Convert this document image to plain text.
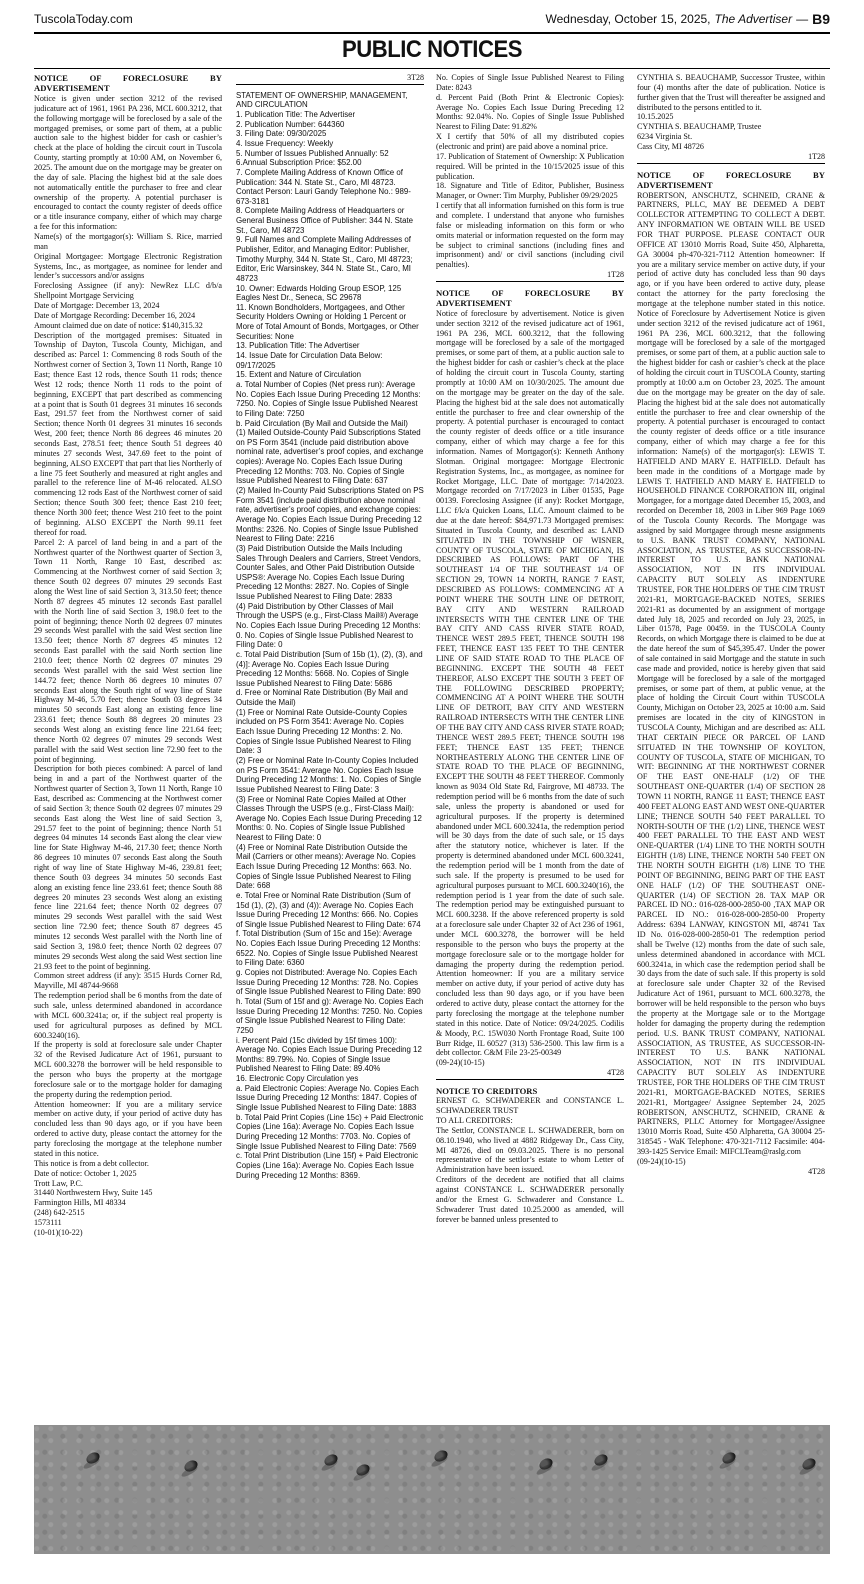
TuscolaToday.com	Wednesday, October 15, 2025, The Advertiser — B9
PUBLIC NOTICES

NOTICE OF FORECLOSURE BY ADVERTISEMENT

Notice is given under section 3212 of the revised judicature act of 1961, 1961 PA 236, MCL 600.3212, that the following mortgage will be foreclosed by a sale of the mortgaged premises, or some part of them, at a public auction sale to the highest bidder for cash or cashier’s check at the place of holding the circuit court in Tuscola County, starting promptly at 10:00 AM, on November 6, 2025. The amount due on the mortgage may be greater on the day of sale. Placing the highest bid at the sale does not automatically entitle the purchaser to free and clear ownership of the property. A potential purchaser is encouraged to contact the county register of deeds office or a title insurance company, either of which may charge a fee for this information:

Name(s) of the mortgagor(s): William S. Rice, married man

Original Mortgagee: Mortgage Electronic Registration Systems, Inc., as mortgagee, as nominee for lender and lender’s successors and/or assigns

Foreclosing Assignee (if any): NewRez LLC d/b/a Shellpoint Mortgage Servicing

Date of Mortgage: December 13, 2024

Date of Mortgage Recording: December 16, 2024

Amount claimed due on date of notice: $140,315.32

Description of the mortgaged premises: Situated in Township of Dayton, Tuscola County, Michigan, and described as: Parcel 1: Commencing 8 rods South of the Northwest corner of Section 3, Town 11 North, Range 10 East; thence East 12 rods, thence South 11 rods; thence West 12 rods; thence North 11 rods to the point of beginning, EXCEPT that part described as commencing at a point that is South 01 degrees 31 minutes 16 seconds East, 291.57 feet from the Northwest corner of said Section; thence North 01 degrees 31 minutes 16 seconds West, 200 feet; thence North 86 degrees 46 minutes 20 seconds East, 278.51 feet; thence South 51 degrees 40 minutes 27 seconds West, 347.69 feet to the point of beginning, ALSO EXCEPT that part that lies Northerly of a line 75 feet Southerly and measured at right angles and parallel to the reference line of M-46 relocated. ALSO commencing 12 rods East of the Northwest corner of said Section; thence South 300 feet; thence East 210 feet; thence North 300 feet; thence West 210 feet to the point of beginning. ALSO EXCEPT the North 99.11 feet thereof for road.

Parcel 2: A parcel of land being in and a part of the Northwest quarter of the Northwest quarter of Section 3, Town 11 North, Range 10 East, described as: Commencing at the Northwest corner of said Section 3; thence South 02 degrees 07 minutes 29 seconds East along the West line of said Section 3, 313.50 feet; thence North 87 degrees 45 minutes 12 seconds East parallel with the North line of said Section 3, 198.0 feet to the point of beginning; thence North 02 degrees 07 minutes 29 seconds West parallel with the said West section line 13.50 feet; thence North 87 degrees 45 minutes 12 seconds East parallel with the said North section line 210.0 feet; thence North 02 degrees 07 minutes 29 seconds West parallel with the said West section line 144.72 feet; thence North 86 degrees 10 minutes 07 seconds East along the South right of way line of State Highway M-46, 5.70 feet; thence South 03 degrees 34 minutes 50 seconds East along an existing fence line 233.61 feet; thence South 88 degrees 20 minutes 23 seconds West along an existing fence line 221.64 feet; thence North 02 degrees 07 minutes 29 seconds West parallel with the said West section line 72.90 feet to the point of beginning.

Description for both pieces combined: A parcel of land being in and a part of the Northwest quarter of the Northwest quarter of Section 3, Town 11 North, Range 10 East, described as: Commencing at the Northwest corner of said Section 3; thence South 02 degrees 07 minutes 29 seconds East along the West line of said Section 3, 291.57 feet to the point of beginning; thence North 51 degrees 04 minutes 14 seconds East along the clear view line for State Highway M-46, 217.30 feet; thence North 86 degrees 10 minutes 07 seconds East along the South right of way line of State Highway M-46, 239.81 feet; thence South 03 degrees 34 minutes 50 seconds East along an existing fence line 233.61 feet; thence South 88 degrees 20 minutes 23 seconds West along an existing fence line 221.64 feet; thence North 02 degrees 07 minutes 29 seconds West parallel with the said West section line 72.90 feet; thence South 87 degrees 45 minutes 12 seconds West parallel with the North line of said Section 3, 198.0 feet; thence North 02 degrees 07 minutes 29 seconds West along the said West section line 21.93 feet to the point of beginning.

Common street address (if any): 3515 Hurds Corner Rd, Mayville, MI 48744-9668

The redemption period shall be 6 months from the date of such sale, unless determined abandoned in accordance with MCL 600.3241a; or, if the subject real property is used for agricultural purposes as defined by MCL 600.3240(16).

If the property is sold at foreclosure sale under Chapter 32 of the Revised Judicature Act of 1961, pursuant to MCL 600.3278 the borrower will be held responsible to the person who buys the property at the mortgage foreclosure sale or to the mortgage holder for damaging the property during the redemption period.

Attention homeowner: If you are a military service member on active duty, if your period of active duty has concluded less than 90 days ago, or if you have been ordered to active duty, please contact the attorney for the party foreclosing the mortgage at the telephone number stated in this notice.

This notice is from a debt collector.

Date of notice: October 1, 2025

Trott Law, P.C.

31440 Northwestern Hwy, Suite 145

Farmington Hills, MI 48334

(248) 642-2515

1573111

(10-01)(10-22)

3T28

STATEMENT OF OWNERSHIP, MANAGEMENT, AND CIRCULATION

1. Publication Title: The Advertiser

2. Publication Number: 644360

3. Filing Date: 09/30/2025

4. Issue Frequency: Weekly

5. Number of Issues Published Annually: 52

6.Annual Subscription Price: $52.00

7. Complete Mailing Address of Known Office of Publication: 344 N. State St., Caro, MI 48723. Contact Person: Lauri Gandy Telephone No.: 989-673-3181

8. Complete Mailing Address of Headquarters or General Business Office of Publisher: 344 N. State St., Caro, MI 48723

9. Full Names and Complete Mailing Addresses of Publisher, Editor, and Managing Editor: Publisher, Timothy Murphy, 344 N. State St., Caro, MI 48723; Editor, Eric Warsinskey, 344 N. State St., Caro, MI 48723

10. Owner: Edwards Holding Group ESOP, 125 Eagles Nest Dr., Seneca, SC 29678

11. Known Bondholders, Mortgagees, and Other Security Holders Owning or Holding 1 Percent or More of Total Amount of Bonds, Mortgages, or Other Securities: None

13. Publication Title: The Advertiser

14. Issue Date for Circulation Data Below: 09/17/2025

15. Extent and Nature of Circulation

a. Total Number of Copies (Net press run): Average No. Copies Each Issue During Preceding 12 Months: 7250. No. Copies of Single Issue Published Nearest to Filing Date: 7250

b. Paid Circulation (By Mail and Outside the Mail)

(1) Mailed Outside-County Paid Subscriptions Stated on PS Form 3541 (include paid distribution above nominal rate, advertiser’s proof copies, and exchange copies): Average No. Copies Each Issue During Preceding 12 Months: 703. No. Copies of Single Issue Published Nearest to Filing Date: 637

(2) Mailed In-County Paid Subscriptions Stated on PS Form 3541 (include paid distribution above nominal rate, advertiser’s proof copies, and exchange copies: Average No. Copies Each Issue During Preceding 12 Months: 2326. No. Copies of Single Issue Published Nearest to Filing Date: 2216

(3) Paid Distribution Outside the Mails Including Sales Through Dealers and Carriers, Street Vendors, Counter Sales, and Other Paid Distribution Outside USPS®: Average No. Copies Each Issue During Preceding 12 Months: 2827. No. Copies of Single Issue Published Nearest to Filing Date: 2833

(4) Paid Distribution by Other Classes of Mail Through the USPS (e.g., First-Class Mail®) Average No. Copies Each Issue During Preceding 12 Months: 0. No. Copies of Single Issue Published Nearest to Filing Date: 0

c. Total Paid Distribution [Sum of 15b (1), (2), (3), and (4)]: Average No. Copies Each Issue During Preceding 12 Months: 5668. No. Copies of Single Issue Published Nearest to Filing Date: 5686

d. Free or Nominal Rate Distribution (By Mail and Outside the Mail)

(1) Free or Nominal Rate Outside-County Copies included on PS Form 3541: Average No. Copies Each Issue During Preceding 12 Months: 2. No. Copies of Single Issue Published Nearest to Filing Date: 3

(2) Free or Nominal Rate In-County Copies Included on PS Form 3541: Average No. Copies Each Issue During Preceding 12 Months: 1. No. Copies of Single Issue Published Nearest to Filing Date: 3

(3) Free or Nominal Rate Copies Mailed at Other Classes Through the USPS (e.g., First-Class Mail): Average No. Copies Each Issue During Preceding 12 Months: 0. No. Copies of Single Issue Published Nearest to Filing Date: 0

(4) Free or Nominal Rate Distribution Outside the Mail (Carriers or other means): Average No. Copies Each Issue During Preceding 12 Months: 663. No. Copies of Single Issue Published Nearest to Filing Date: 668

e. Total Free or Nominal Rate Distribution (Sum of 15d (1), (2), (3) and (4)): Average No. Copies Each Issue During Preceding 12 Months: 666. No. Copies of Single Issue Published Nearest to Filing Date: 674

f. Total Distribution (Sum of 15c and 15e): Average No. Copies Each Issue During Preceding 12 Months: 6522. No. Copies of Single Issue Published Nearest to Filing Date: 6360

g. Copies not Distributed: Average No. Copies Each Issue During Preceding 12 Months: 728. No. Copies of Single Issue Published Nearest to Filing Date: 890

h. Total (Sum of 15f and g): Average No. Copies Each Issue During Preceding 12 Months: 7250. No. Copies of Single Issue Published Nearest to Filing Date: 7250

i. Percent Paid (15c divided by 15f times 100): Average No. Copies Each Issue During Preceding 12 Months: 89.79%. No. Copies of Single Issue Published Nearest to Filing Date: 89.40%

16. Electronic Copy Circulation yes

a. Paid Electronic Copies: Average No. Copies Each Issue During Preceding 12 Months: 1847. Copies of Single Issue Published Nearest to Filing Date: 1883

b. Total Paid Print Copies (Line 15c) + Paid Electronic Copies (Line 16a): Average No. Copies Each Issue During Preceding 12 Months: 7703. No. Copies of Single Issue Published Nearest to Filing Date: 7569

c. Total Print Distribution (Line 15f) + Paid Electronic Copies (Line 16a): Average No. Copies Each Issue During Preceding 12 Months: 8369.

No. Copies of Single Issue Published Nearest to Filing Date: 8243

d. Percent Paid (Both Print & Electronic Copies): Average No. Copies Each Issue During Preceding 12 Months: 92.04%. No. Copies of Single Issue Published Nearest to Filing Date: 91.82%

X I certify that 50% of all my distributed copies (electronic and print) are paid above a nominal price.

17. Publication of Statement of Ownership: X Publication required. Will be printed in the 10/15/2025 issue of this publication.

18. Signature and Title of Editor, Publisher, Business Manager, or Owner: Tim Murphy, Publisher 09/29/2025

I certify that all information furnished on this form is true and complete. I understand that anyone who furnishes false or misleading information on this form or who omits material or information requested on the form may be subject to criminal sanctions (including fines and imprisonment) and/ or civil sanctions (including civil penalties).

1T28

NOTICE OF FORECLOSURE BY ADVERTISEMENT

Notice of foreclosure by advertisement. Notice is given under section 3212 of the revised judicature act of 1961, 1961 PA 236, MCL 600.3212, that the following mortgage will be foreclosed by a sale of the mortgaged premises, or some part of them, at a public auction sale to the highest bidder for cash or cashier’s check at the place of holding the circuit court in Tuscola County, starting promptly at 10:00 AM on 10/30/2025. The amount due on the mortgage may be greater on the day of the sale. Placing the highest bid at the sale does not automatically entitle the purchaser to free and clear ownership of the property. A potential purchaser is encouraged to contact the county register of deeds office or a title insurance company, either of which may charge a fee for this information. Names of Mortgagor(s): Kenneth Anthony Slotman. Original mortgagee: Mortgage Electronic Registration Systems, Inc., as mortgagee, as nominee for Rocket Mortgage, LLC. Date of mortgage: 7/14/2023. Mortgage recorded on 7/17/2023 in Liber 01535, Page 00139. Foreclosing Assignee (if any): Rocket Mortgage, LLC f/k/a Quicken Loans, LLC. Amount claimed to be due at the date hereof: $84,971.73 Mortgaged premises: Situated in Tuscola County, and described as: LAND SITUATED IN THE TOWNSHIP OF WISNER, COUNTY OF TUSCOLA, STATE OF MICHIGAN, IS DESCRIBED AS FOLLOWS: PART OF THE SOUTHEAST 1/4 OF THE SOUTHEAST 1/4 OF SECTION 29, TOWN 14 NORTH, RANGE 7 EAST, DESCRIBED AS FOLLOWS: COMMENCING AT A POINT WHERE THE SOUTH LINE OF DETROIT, BAY CITY AND WESTERN RAILROAD INTERSECTS WITH THE CENTER LINE OF THE BAY CITY AND CASS RIVER STATE ROAD, THENCE WEST 289.5 FEET, THENCE SOUTH 198 FEET, THENCE EAST 135 FEET TO THE CENTER LINE OF SAID STATE ROAD TO THE PLACE OF BEGINNING. EXCEPT THE SOUTH 48 FEET THEREOF, ALSO EXCEPT THE SOUTH 3 FEET OF THE FOLLOWING DESCRIBED PROPERTY; COMMENCING AT A POINT WHERE THE SOUTH LINE OF DETROIT, BAY CITY AND WESTERN RAILROAD INTERSECTS WITH THE CENTER LINE OF THE BAY CITY AND CASS RIVER STATE ROAD; THENCE WEST 289.5 FEET; THENCE SOUTH 198 FEET; THENCE EAST 135 FEET; THENCE NORTHEASTERLY ALONG THE CENTER LINE OF STATE ROAD TO THE PLACE OF BEGINNING, EXCEPT THE SOUTH 48 FEET THEREOF. Commonly known as 9034 Old State Rd, Fairgrove, MI 48733. The redemption period will be 6 months from the date of such sale, unless the property is abandoned or used for agricultural purposes. If the property is determined abandoned under MCL 600.3241a, the redemption period will be 30 days from the date of such sale, or 15 days after the statutory notice, whichever is later. If the property is determined abandoned under MCL 600.3241, the redemption period will be 1 month from the date of such sale. If the property is presumed to be used for agricultural purposes pursuant to MCL 600.3240(16), the redemption period is 1 year from the date of such sale. The redemption period may be extinguished pursuant to MCL 600.3238. If the above referenced property is sold at a foreclosure sale under Chapter 32 of Act 236 of 1961, under MCL 600.3278, the borrower will be held responsible to the person who buys the property at the mortgage foreclosure sale or to the mortgage holder for damaging the property during the redemption period. Attention homeowner: If you are a military service member on active duty, if your period of active duty has concluded less than 90 days ago, or if you have been ordered to active duty, please contact the attorney for the party foreclosing the mortgage at the telephone number stated in this notice. Date of Notice: 09/24/2025. Codilis & Moody, P.C. 15W030 North Frontage Road, Suite 100 Burr Ridge, IL 60527 (313) 536-2500. This law firm is a debt collector. C&M File 23-25-00349

(09-24)(10-15)

4T28

NOTICE TO CREDITORS

ERNEST G. SCHWADERER and CONSTANCE L. SCHWADERER TRUST

TO ALL CREDITORS:

The Settlor, CONSTANCE L. SCHWADERER, born on 08.10.1940, who lived at 4882 Ridgeway Dr., Cass City, MI 48726, died on 09.03.2025. There is no personal representative of the settlor’s estate to whom Letter of Administration have been issued.

Creditors of the decedent are notified that all claims against CONSTANCE L. SCHWADERER personally and/or the Ernest G. Schwaderer and Constance L. Schwaderer Trust dated 10.25.2000 as amended, will forever be banned unless presented to

CYNTHIA S. BEAUCHAMP, Successor Trustee, within four (4) months after the date of publication. Notice is further given that the Trust will thereafter be assigned and distributed to the persons entitled to it.

10.15.2025

CYNTHIA S. BEAUCHAMP, Trustee

6234 Virginia St.

Cass City, MI 48726

1T28

NOTICE OF FORECLOSURE BY ADVERTISEMENT

ROBERTSON, ANSCHUTZ, SCHNEID, CRANE & PARTNERS, PLLC, MAY BE DEEMED A DEBT COLLECTOR ATTEMPTING TO COLLECT A DEBT. ANY INFORMATION WE OBTAIN WILL BE USED FOR THAT PURPOSE. PLEASE CONTACT OUR OFFICE AT 13010 Morris Road, Suite 450, Alpharetta, GA 30004 ph-470-321-7112 Attention homeowner: If you are a military service member on active duty, if your period of active duty has concluded less than 90 days ago, or if you have been ordered to active duty, please contact the attorney for the party foreclosing the mortgage at the telephone number stated in this notice. Notice of Foreclosure by Advertisement Notice is given under section 3212 of the revised judicature act of 1961, 1961 PA 236, MCL 600.3212, that the following mortgage will be foreclosed by a sale of the mortgaged premises, or some part of them, at a public auction sale to the highest bidder for cash or cashier’s check at the place of holding the circuit court in TUSCOLA County, starting promptly at 10:00 a.m on October 23, 2025. The amount due on the mortgage may be greater on the day of sale. Placing the highest bid at the sale does not automatically entitle the purchaser to free and clear ownership of the property. A potential purchaser is encouraged to contact the county register of deeds office or a title insurance company, either of which may charge a fee for this information: Name(s) of the mortgagor(s): LEWIS T. HATFIELD AND MARY E. HATFIELD. Default has been made in the conditions of a Mortgage made by LEWIS T. HATFIELD AND MARY E. HATFIELD to HOUSEHOLD FINANCE CORPORATION III, original Mortgagee, for a mortgage dated December 15, 2003, and recorded on December 18, 2003 in Liber 969 Page 1069 of the Tuscola County Records. The Mortgage was assigned by said Mortgagee through mesne assignments to U.S. BANK TRUST COMPANY, NATIONAL ASSOCIATION, AS TRUSTEE, AS SUCCESSOR-IN-INTEREST TO U.S. BANK NATIONAL ASSOCIATION, NOT IN ITS INDIVIDUAL CAPACITY BUT SOLELY AS INDENTURE TRUSTEE, FOR THE HOLDERS OF THE CIM TRUST 2021-R1, MORTGAGE-BACKED NOTES, SERIES 2021-R1 as documented by an assignment of mortgage dated July 18, 2025 and recorded on July 23, 2025, in Liber 01578, Page 00459. in the TUSCOLA County Records, on which Mortgage there is claimed to be due at the date hereof the sum of $45,395.47. Under the power of sale contained in said Mortgage and the statute in such case made and provided, notice is hereby given that said Mortgage will be foreclosed by a sale of the mortgaged premises, or some part of them, at public venue, at the place of holding the Circuit Court within TUSCOLA County, Michigan on October 23, 2025 at 10:00 a.m. Said premises are located in the city of KINGSTON in TUSCOLA County, Michigan and are described as: ALL THAT CERTAIN PIECE OR PARCEL OF LAND SITUATED IN THE TOWNSHIP OF KOYLTON, COUNTY OF TUSCOLA, STATE OF MICHIGAN, TO WIT: BEGINNING AT THE NORTHWEST CORNER OF THE EAST ONE-HALF (1/2) OF THE SOUTHEAST ONE-QUARTER (1/4) OF SECTION 28 TOWN 11 NORTH, RANGE 11 EAST; THENCE EAST 400 FEET ALONG EAST AND WEST ONE-QUARTER LINE; THENCE SOUTH 540 FEET PARALLEL TO NORTH-SOUTH OF THE (1/2) LINE, THENCE WEST 400 FEET PARALLEL TO THE EAST AND WEST ONE-QUARTER (1/4) LINE TO THE NORTH SOUTH EIGHTH (1/8) LINE, THENCE NORTH 540 FEET ON THE NORTH SOUTH EIGHTH (1/8) LINE TO THE POINT OF BEGINNING, BEING PART OF THE EAST ONE HALF (1/2) OF THE SOUTHEAST ONE-QUARTER (1/4) OF SECTION 28. TAX MAP OR PARCEL ID NO.: 016-028-000-2850-00 ,TAX MAP OR PARCEL ID NO.: 016-028-000-2850-00 Property Address: 6394 LANWAY, KINGSTON MI, 48741 Tax ID No. 016-028-000-2850-01 The redemption period shall be Twelve (12) months from the date of such sale, unless determined abandoned in accordance with MCL 600.3241a, in which case the redemption period shall be 30 days from the date of such sale. If this property is sold at foreclosure sale under Chapter 32 of the Revised Judicature Act of 1961, pursuant to MCL 600.3278, the borrower will be held responsible to the person who buys the property at the Mortgage sale or to the Mortgage holder for damaging the property during the redemption period. U.S. BANK TRUST COMPANY, NATIONAL ASSOCIATION, AS TRUSTEE, AS SUCCESSOR-IN-INTEREST TO U.S. BANK NATIONAL ASSOCIATION, NOT IN ITS INDIVIDUAL CAPACITY BUT SOLELY AS INDENTURE TRUSTEE, FOR THE HOLDERS OF THE CIM TRUST 2021-R1, MORTGAGE-BACKED NOTES, SERIES 2021-R1, Mortgagee/ Assignee September 24, 2025 ROBERTSON, ANSCHUTZ, SCHNEID, CRANE & PARTNERS, PLLC Attorney for Mortgagee/Assignee 13010 Morris Road, Suite 450 Alpharetta, GA 30004 25-318545 - WaK Telephone: 470-321-7112 Facsimile: 404-393-1425 Service Email: MIFCLTeam@raslg.com

(09-24)(10-15)

4T28
